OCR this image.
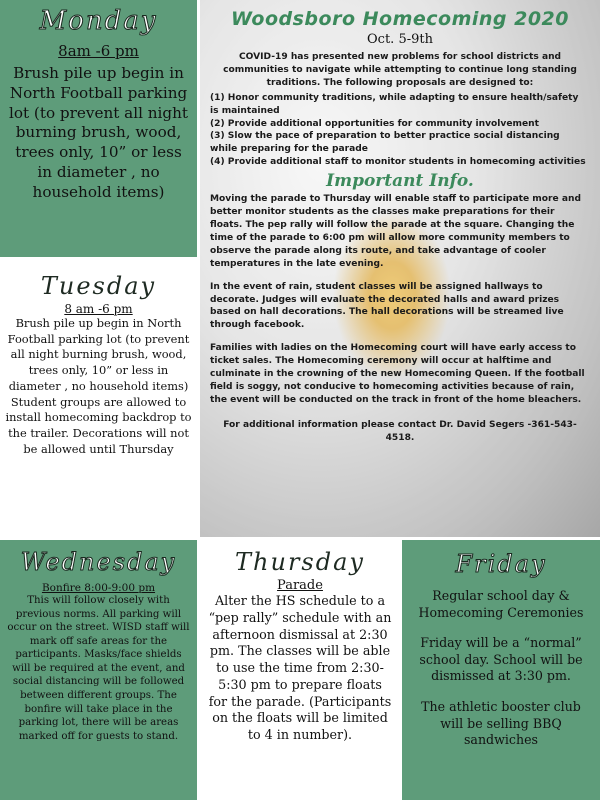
Monday
8am -6 pm

Brush pile up begin in North Football parking lot (to prevent all night burning brush, wood, trees only, 10” or less in diameter , no household items)

Tuesday
8 am -6 pm

Brush pile up begin in North Football parking lot (to prevent all night burning brush, wood, trees only, 10” or less in diameter , no household items)

Student groups are allowed to install homecoming backdrop to the trailer. Decorations will not be allowed until Thursday

Woodsboro Homecoming 2020
Oct. 5-9th

COVID-19 has presented new problems for school districts and communities to navigate while attempting to continue long standing traditions. The following proposals are designed to:

(1) Honor community traditions, while adapting to ensure health/safety is maintained

(2) Provide additional opportunities for community involvement

(3) Slow the pace of preparation to better practice social distancing while preparing for the parade

(4) Provide additional staff to monitor students in homecoming activities

Important Info.

Moving the parade to Thursday will enable staff to participate more and better monitor students as the classes make preparations for their floats. The pep rally will follow the parade at the square. Changing the time of the parade to 6:00 pm will allow more community members to observe the parade along its route, and take advantage of cooler temperatures in the late evening.

In the event of rain, student classes will be assigned hallways to decorate. Judges will evaluate the decorated halls and award prizes based on hall decorations. The hall decorations will be streamed live through facebook.

Families with ladies on the Homecoming court will have early access to ticket sales. The Homecoming ceremony will occur at halftime and culminate in the crowning of the new Homecoming Queen. If the football field is soggy, not conducive to homecoming activities because of rain, the event will be conducted on the track in front of the home bleachers.

For additional information please contact Dr. David Segers -361-543-4518.

Wednesday
Bonfire 8:00-9:00 pm

This will follow closely with previous norms. All parking will occur on the street. WISD staff will mark off safe areas for the participants. Masks/face shields will be required at the event, and social distancing will be followed between different groups. The bonfire will take place in the parking lot, there will be areas marked off for guests to stand.

Thursday
Parade

Alter the HS schedule to a “pep rally” schedule with an afternoon dismissal at 2:30 pm. The classes will be able to use the time from 2:30-5:30 pm to prepare floats for the parade. (Participants on the floats will be limited to 4 in number).

Friday

Regular school day & Homecoming Ceremonies

Friday will be a “normal” school day. School will be dismissed at 3:30 pm.

The athletic booster club will be selling BBQ sandwiches
